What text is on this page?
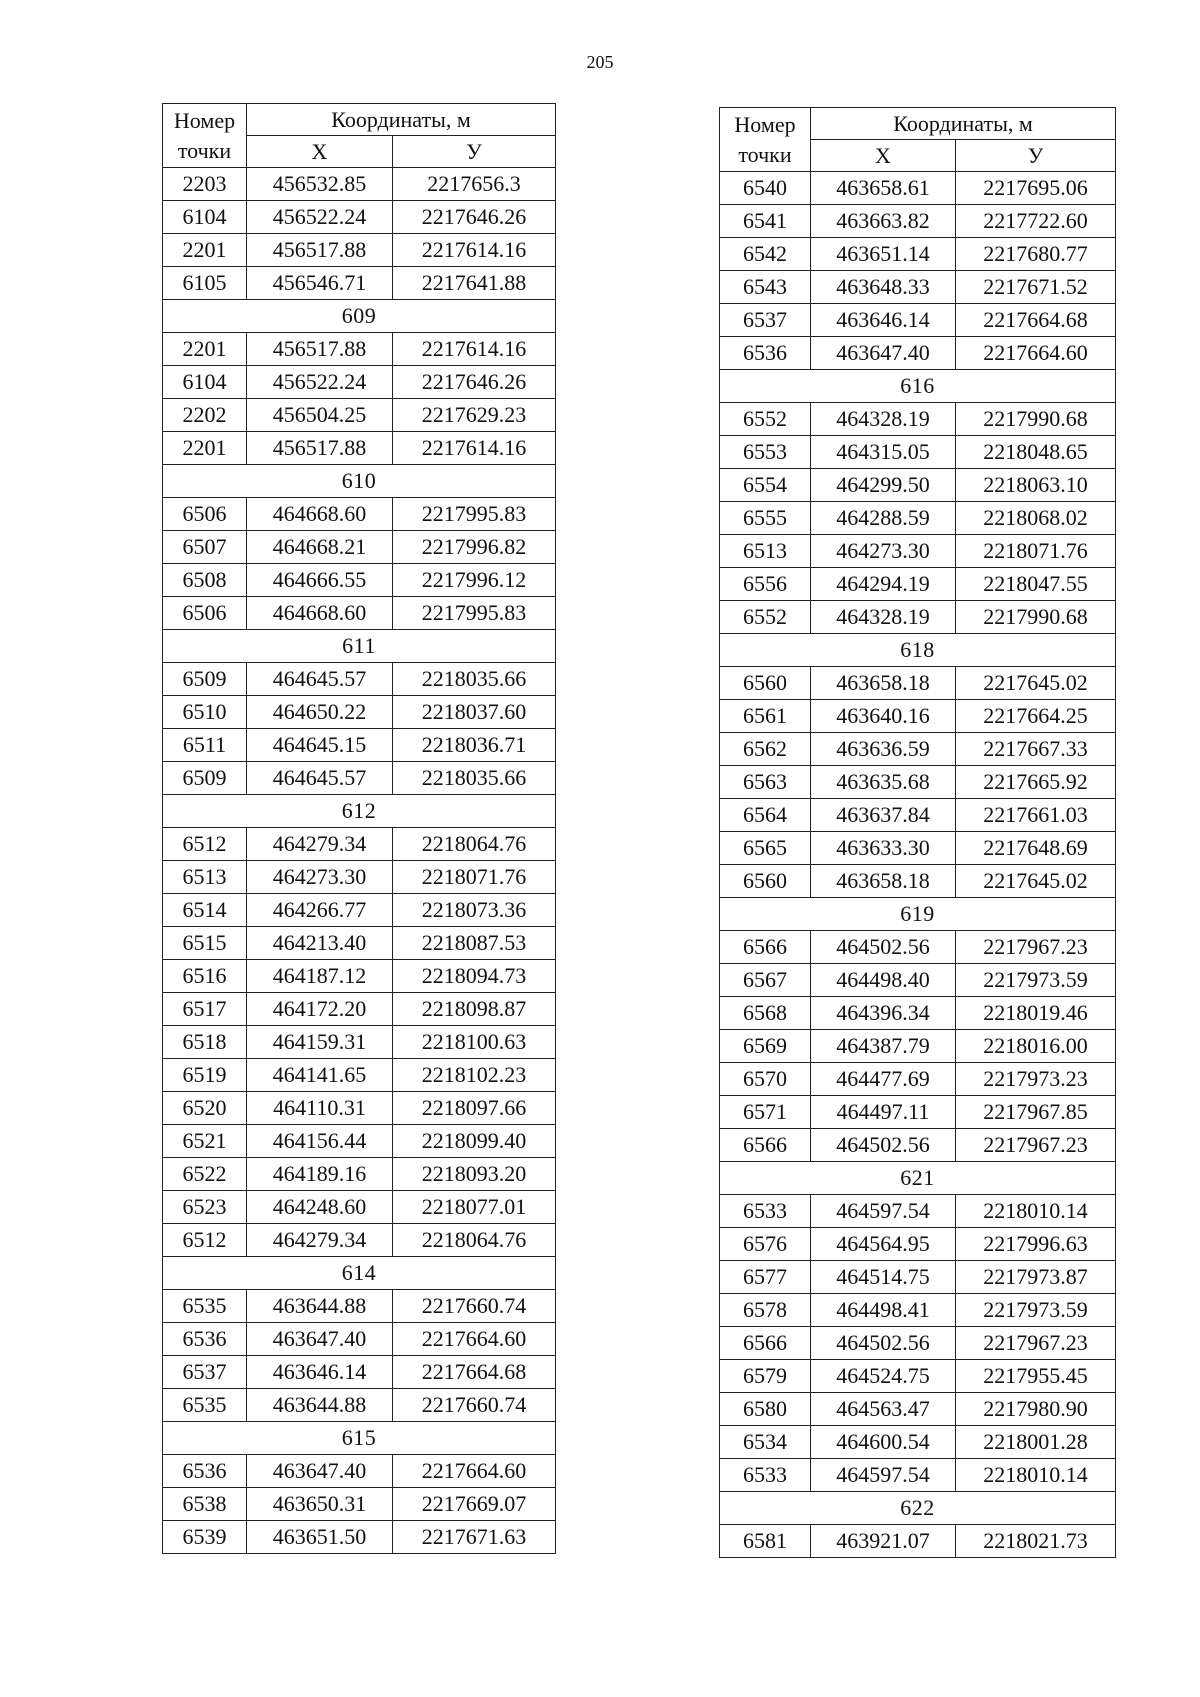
205
Номер
точки	Координаты, м	
	X	У
2203	456532.85	2217656.3
6104	456522.24	2217646.26
2201	456517.88	2217614.16
6105	456546.71	2217641.88
609		
2201	456517.88	2217614.16
6104	456522.24	2217646.26
2202	456504.25	2217629.23
2201	456517.88	2217614.16
610		
6506	464668.60	2217995.83
6507	464668.21	2217996.82
6508	464666.55	2217996.12
6506	464668.60	2217995.83
611		
6509	464645.57	2218035.66
6510	464650.22	2218037.60
6511	464645.15	2218036.71
6509	464645.57	2218035.66
612		
6512	464279.34	2218064.76
6513	464273.30	2218071.76
6514	464266.77	2218073.36
6515	464213.40	2218087.53
6516	464187.12	2218094.73
6517	464172.20	2218098.87
6518	464159.31	2218100.63
6519	464141.65	2218102.23
6520	464110.31	2218097.66
6521	464156.44	2218099.40
6522	464189.16	2218093.20
6523	464248.60	2218077.01
6512	464279.34	2218064.76
614		
6535	463644.88	2217660.74
6536	463647.40	2217664.60
6537	463646.14	2217664.68
6535	463644.88	2217660.74
615		
6536	463647.40	2217664.60
6538	463650.31	2217669.07
6539	463651.50	2217671.63
Номер
точки	Координаты, м	
	X	У
6540	463658.61	2217695.06
6541	463663.82	2217722.60
6542	463651.14	2217680.77
6543	463648.33	2217671.52
6537	463646.14	2217664.68
6536	463647.40	2217664.60
616		
6552	464328.19	2217990.68
6553	464315.05	2218048.65
6554	464299.50	2218063.10
6555	464288.59	2218068.02
6513	464273.30	2218071.76
6556	464294.19	2218047.55
6552	464328.19	2217990.68
618		
6560	463658.18	2217645.02
6561	463640.16	2217664.25
6562	463636.59	2217667.33
6563	463635.68	2217665.92
6564	463637.84	2217661.03
6565	463633.30	2217648.69
6560	463658.18	2217645.02
619		
6566	464502.56	2217967.23
6567	464498.40	2217973.59
6568	464396.34	2218019.46
6569	464387.79	2218016.00
6570	464477.69	2217973.23
6571	464497.11	2217967.85
6566	464502.56	2217967.23
621		
6533	464597.54	2218010.14
6576	464564.95	2217996.63
6577	464514.75	2217973.87
6578	464498.41	2217973.59
6566	464502.56	2217967.23
6579	464524.75	2217955.45
6580	464563.47	2217980.90
6534	464600.54	2218001.28
6533	464597.54	2218010.14
622		
6581	463921.07	2218021.73
